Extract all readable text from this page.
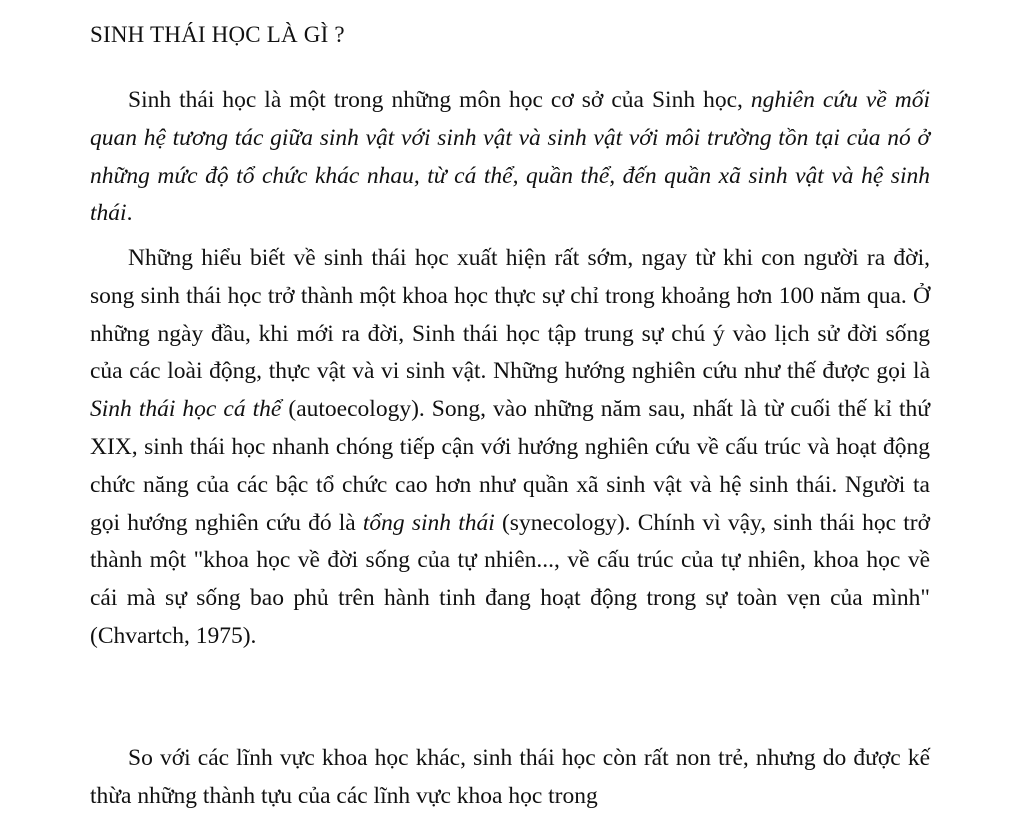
SINH THÁI HỌC LÀ GÌ ?

Sinh thái học là một trong những môn học cơ sở của Sinh học, nghiên cứu về mối quan hệ tương tác giữa sinh vật với sinh vật và sinh vật với môi trường tồn tại của nó ở những mức độ tổ chức khác nhau, từ cá thể, quần thể, đến quần xã sinh vật và hệ sinh thái.

Những hiểu biết về sinh thái học xuất hiện rất sớm, ngay từ khi con người ra đời, song sinh thái học trở thành một khoa học thực sự chỉ trong khoảng hơn 100 năm qua. Ở những ngày đầu, khi mới ra đời, Sinh thái học tập trung sự chú ý vào lịch sử đời sống của các loài động, thực vật và vi sinh vật. Những hướng nghiên cứu như thế được gọi là Sinh thái học cá thể (autoecology). Song, vào những năm sau, nhất là từ cuối thế kỉ thứ XIX, sinh thái học nhanh chóng tiếp cận với hướng nghiên cứu về cấu trúc và hoạt động chức năng của các bậc tổ chức cao hơn như quần xã sinh vật và hệ sinh thái. Người ta gọi hướng nghiên cứu đó là tổng sinh thái (synecology). Chính vì vậy, sinh thái học trở thành một "khoa học về đời sống của tự nhiên..., về cấu trúc của tự nhiên, khoa học về cái mà sự sống bao phủ trên hành tinh đang hoạt động trong sự toàn vẹn của mình" (Chvartch, 1975).

So với các lĩnh vực khoa học khác, sinh thái học còn rất non trẻ, nhưng do được kế thừa những thành tựu của các lĩnh vực khoa học trong
